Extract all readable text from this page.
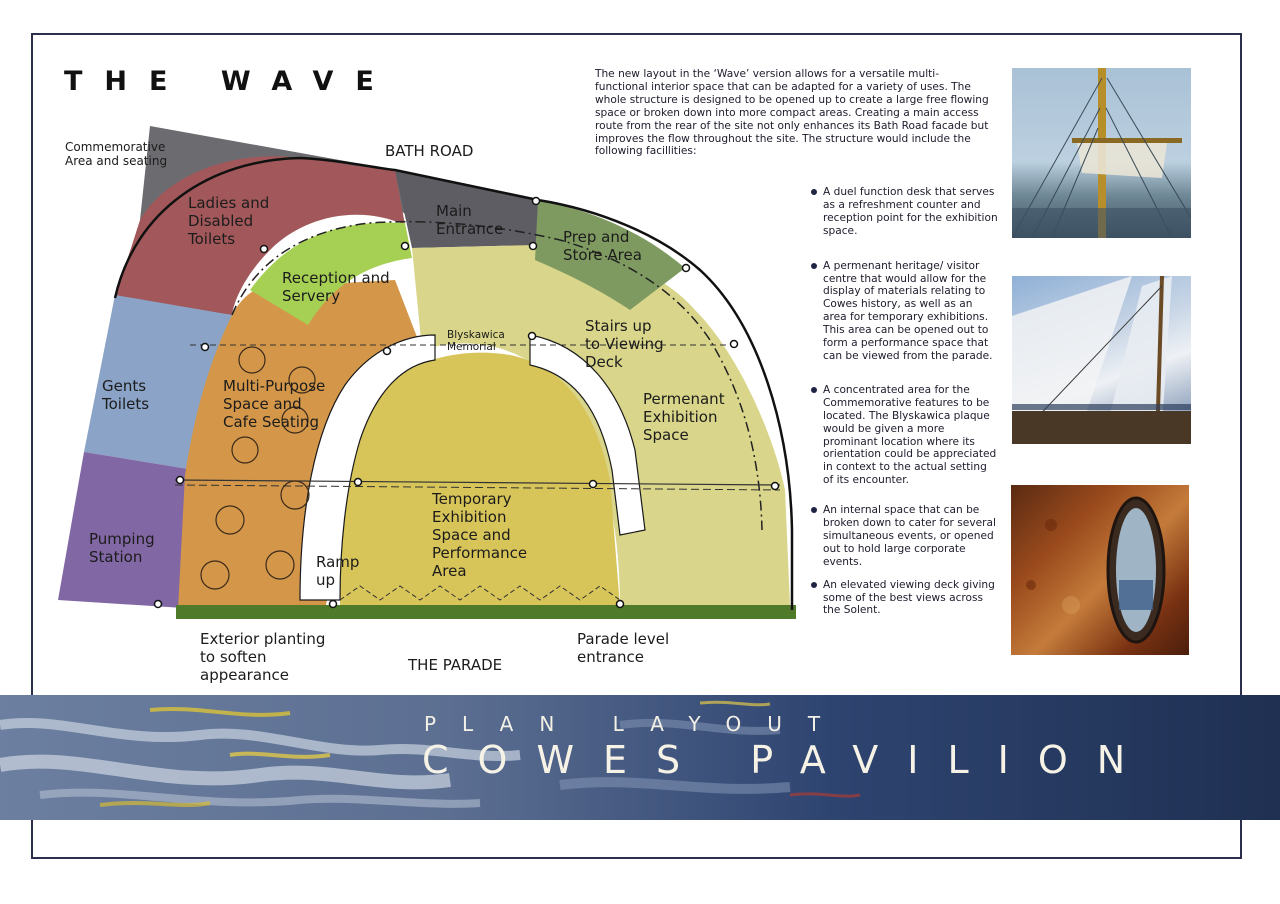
THE WAVE
Commemorative
Area and seating
BATH ROAD
Ladies and
Disabled
Toilets
Main
Entrance	Prep and
Store Area
Reception and
Servery
Blyskawica
Memorial
Stairs up
to Viewing
Deck
Gents
Toilets
Multi-Purpose
Space and
Cafe Seating
Permenant
Exhibition
Space
Temporary
Exhibition
Space and
Performance
Area
Pumping
Station	Ramp
up
Exterior planting
to soften
appearance
THE PARADE
Parade level
entrance
The new layout in the ‘Wave’ version allows for a versatile multi-functional interior space that can be adapted for a variety of uses. The whole structure is designed to be opened up to create a large free flowing space or broken down into more compact areas. Creating a main access route from the rear of the site not only enhances its Bath Road facade but improves the flow throughout the site. The structure would include the following facillities:
A duel function desk that serves as a refreshment counter and reception point for the exhibition space.
A permenant heritage/ visitor centre that would allow for the display of materials relating to Cowes history, as well as an area for temporary exhibitions. This area can be opened out to form a performance space that can be viewed from the parade.
A concentrated area for the Commemorative features to be located. The Blyskawica plaque would be given a more prominant location where its orientation could be appreciated in context to the actual setting of its encounter.
An internal space that can be broken down to cater for several simultaneous events, or opened out to hold large corporate events.
An elevated viewing deck giving some of the best views across the Solent.
PLAN LAYOUT
COWES PAVILION
